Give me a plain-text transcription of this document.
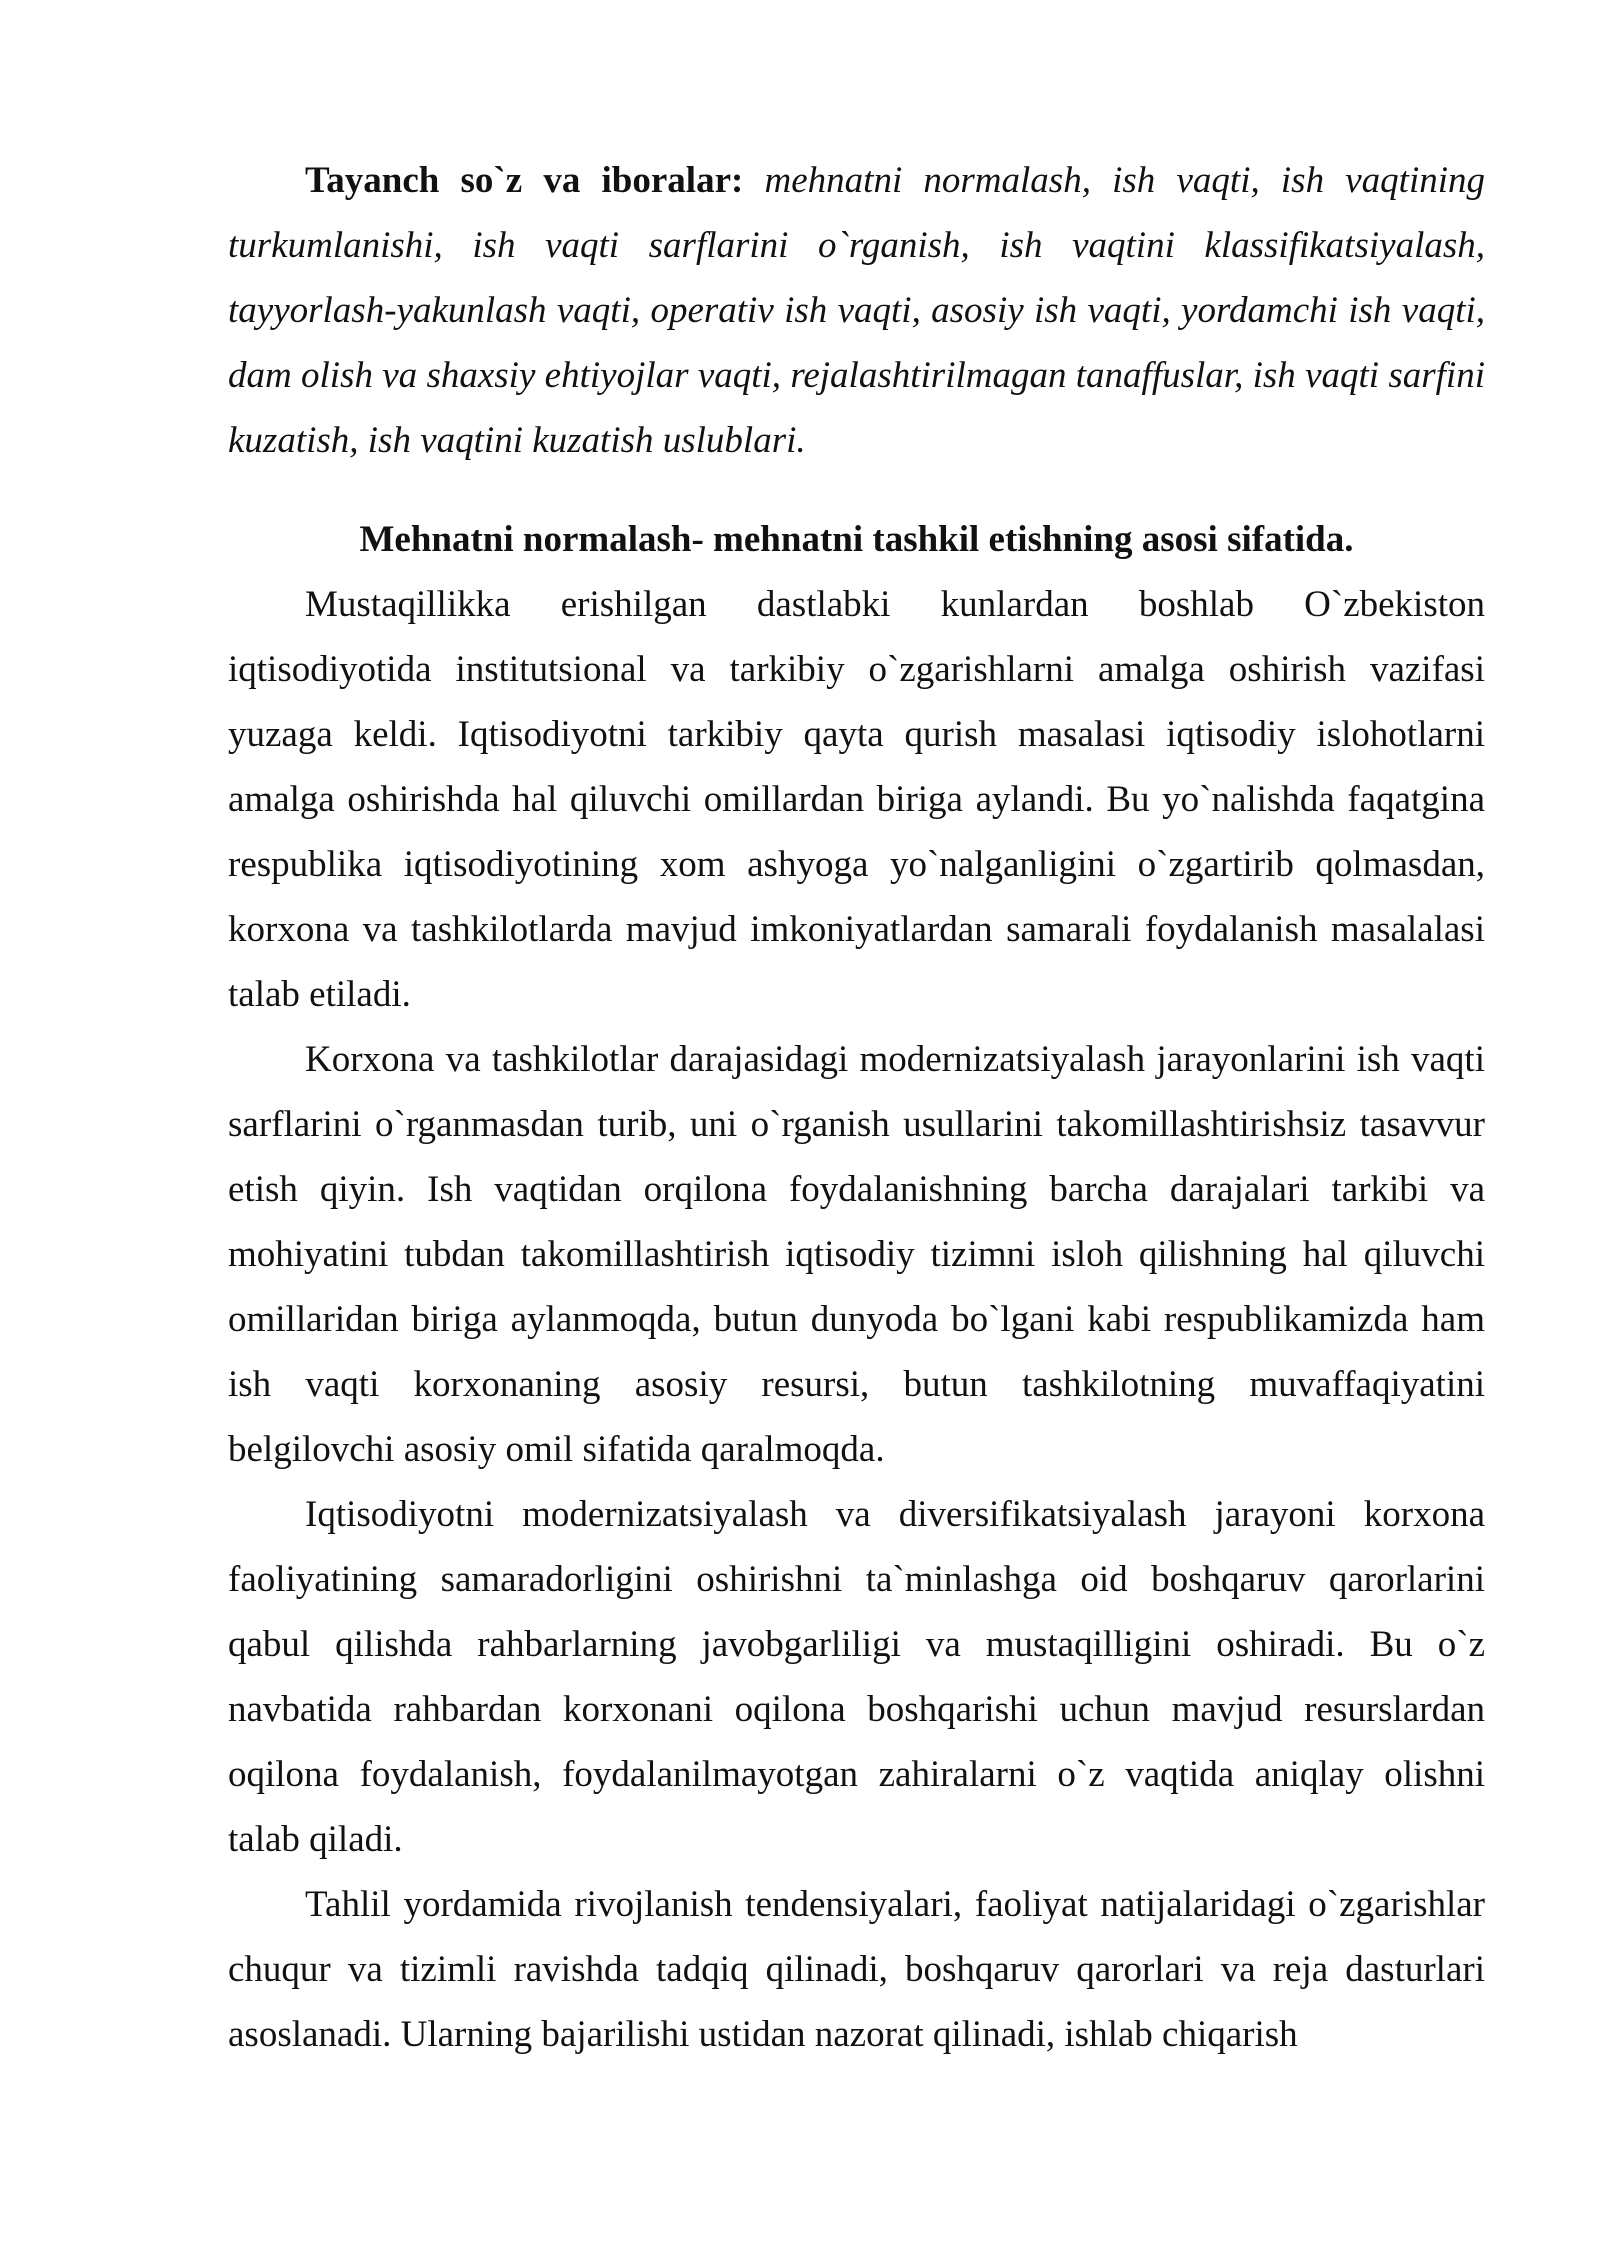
Tayanch so`z va iboralar: mehnatni normalash, ish vaqti, ish vaqtining turkumlanishi, ish vaqti sarflarini o`rganish, ish vaqtini klassifikatsiyalash, tayyorlash-yakunlash vaqti, operativ ish vaqti, asosiy ish vaqti, yordamchi ish vaqti, dam olish va shaxsiy ehtiyojlar vaqti, rejalashtirilmagan tanaffuslar, ish vaqti sarfini kuzatish, ish vaqtini kuzatish uslublari.

Mehnatni normalash- mehnatni tashkil etishning asosi sifatida.

Mustaqillikka erishilgan dastlabki kunlardan boshlab O`zbekiston iqtisodiyotida institutsional va tarkibiy o`zgarishlarni amalga oshirish vazifasi yuzaga keldi. Iqtisodiyotni tarkibiy qayta qurish masalasi iqtisodiy islohotlarni amalga oshirishda hal qiluvchi omillardan biriga aylandi. Bu yo`nalishda faqatgina respublika iqtisodiyotining xom ashyoga yo`nalganligini o`zgartirib qolmasdan, korxona va tashkilotlarda mavjud imkoniyatlardan samarali foydalanish masalalasi talab etiladi.

Korxona va tashkilotlar darajasidagi modernizatsiyalash jarayonlarini ish vaqti sarflarini o`rganmasdan turib, uni o`rganish usullarini takomillashtirishsiz tasavvur etish qiyin. Ish vaqtidan orqilona foydalanishning barcha darajalari tarkibi va mohiyatini tubdan takomillashtirish iqtisodiy tizimni isloh qilishning hal qiluvchi omillaridan biriga aylanmoqda, butun dunyoda bo`lgani kabi respublikamizda ham ish vaqti korxonaning asosiy resursi, butun tashkilotning muvaffaqiyatini belgilovchi asosiy omil sifatida qaralmoqda.

Iqtisodiyotni modernizatsiyalash va diversifikatsiyalash jarayoni korxona faoliyatining samaradorligini oshirishni ta`minlashga oid boshqaruv qarorlarini qabul qilishda rahbarlarning javobgarliligi va mustaqilligini oshiradi. Bu o`z navbatida rahbardan korxonani oqilona boshqarishi uchun mavjud resurslardan oqilona foydalanish, foydalanilmayotgan zahiralarni o`z vaqtida aniqlay olishni talab qiladi.

Tahlil yordamida rivojlanish tendensiyalari, faoliyat natijalaridagi o`zgarishlar chuqur va tizimli ravishda tadqiq qilinadi, boshqaruv qarorlari va reja dasturlari asoslanadi. Ularning bajarilishi ustidan nazorat qilinadi, ishlab chiqarish
